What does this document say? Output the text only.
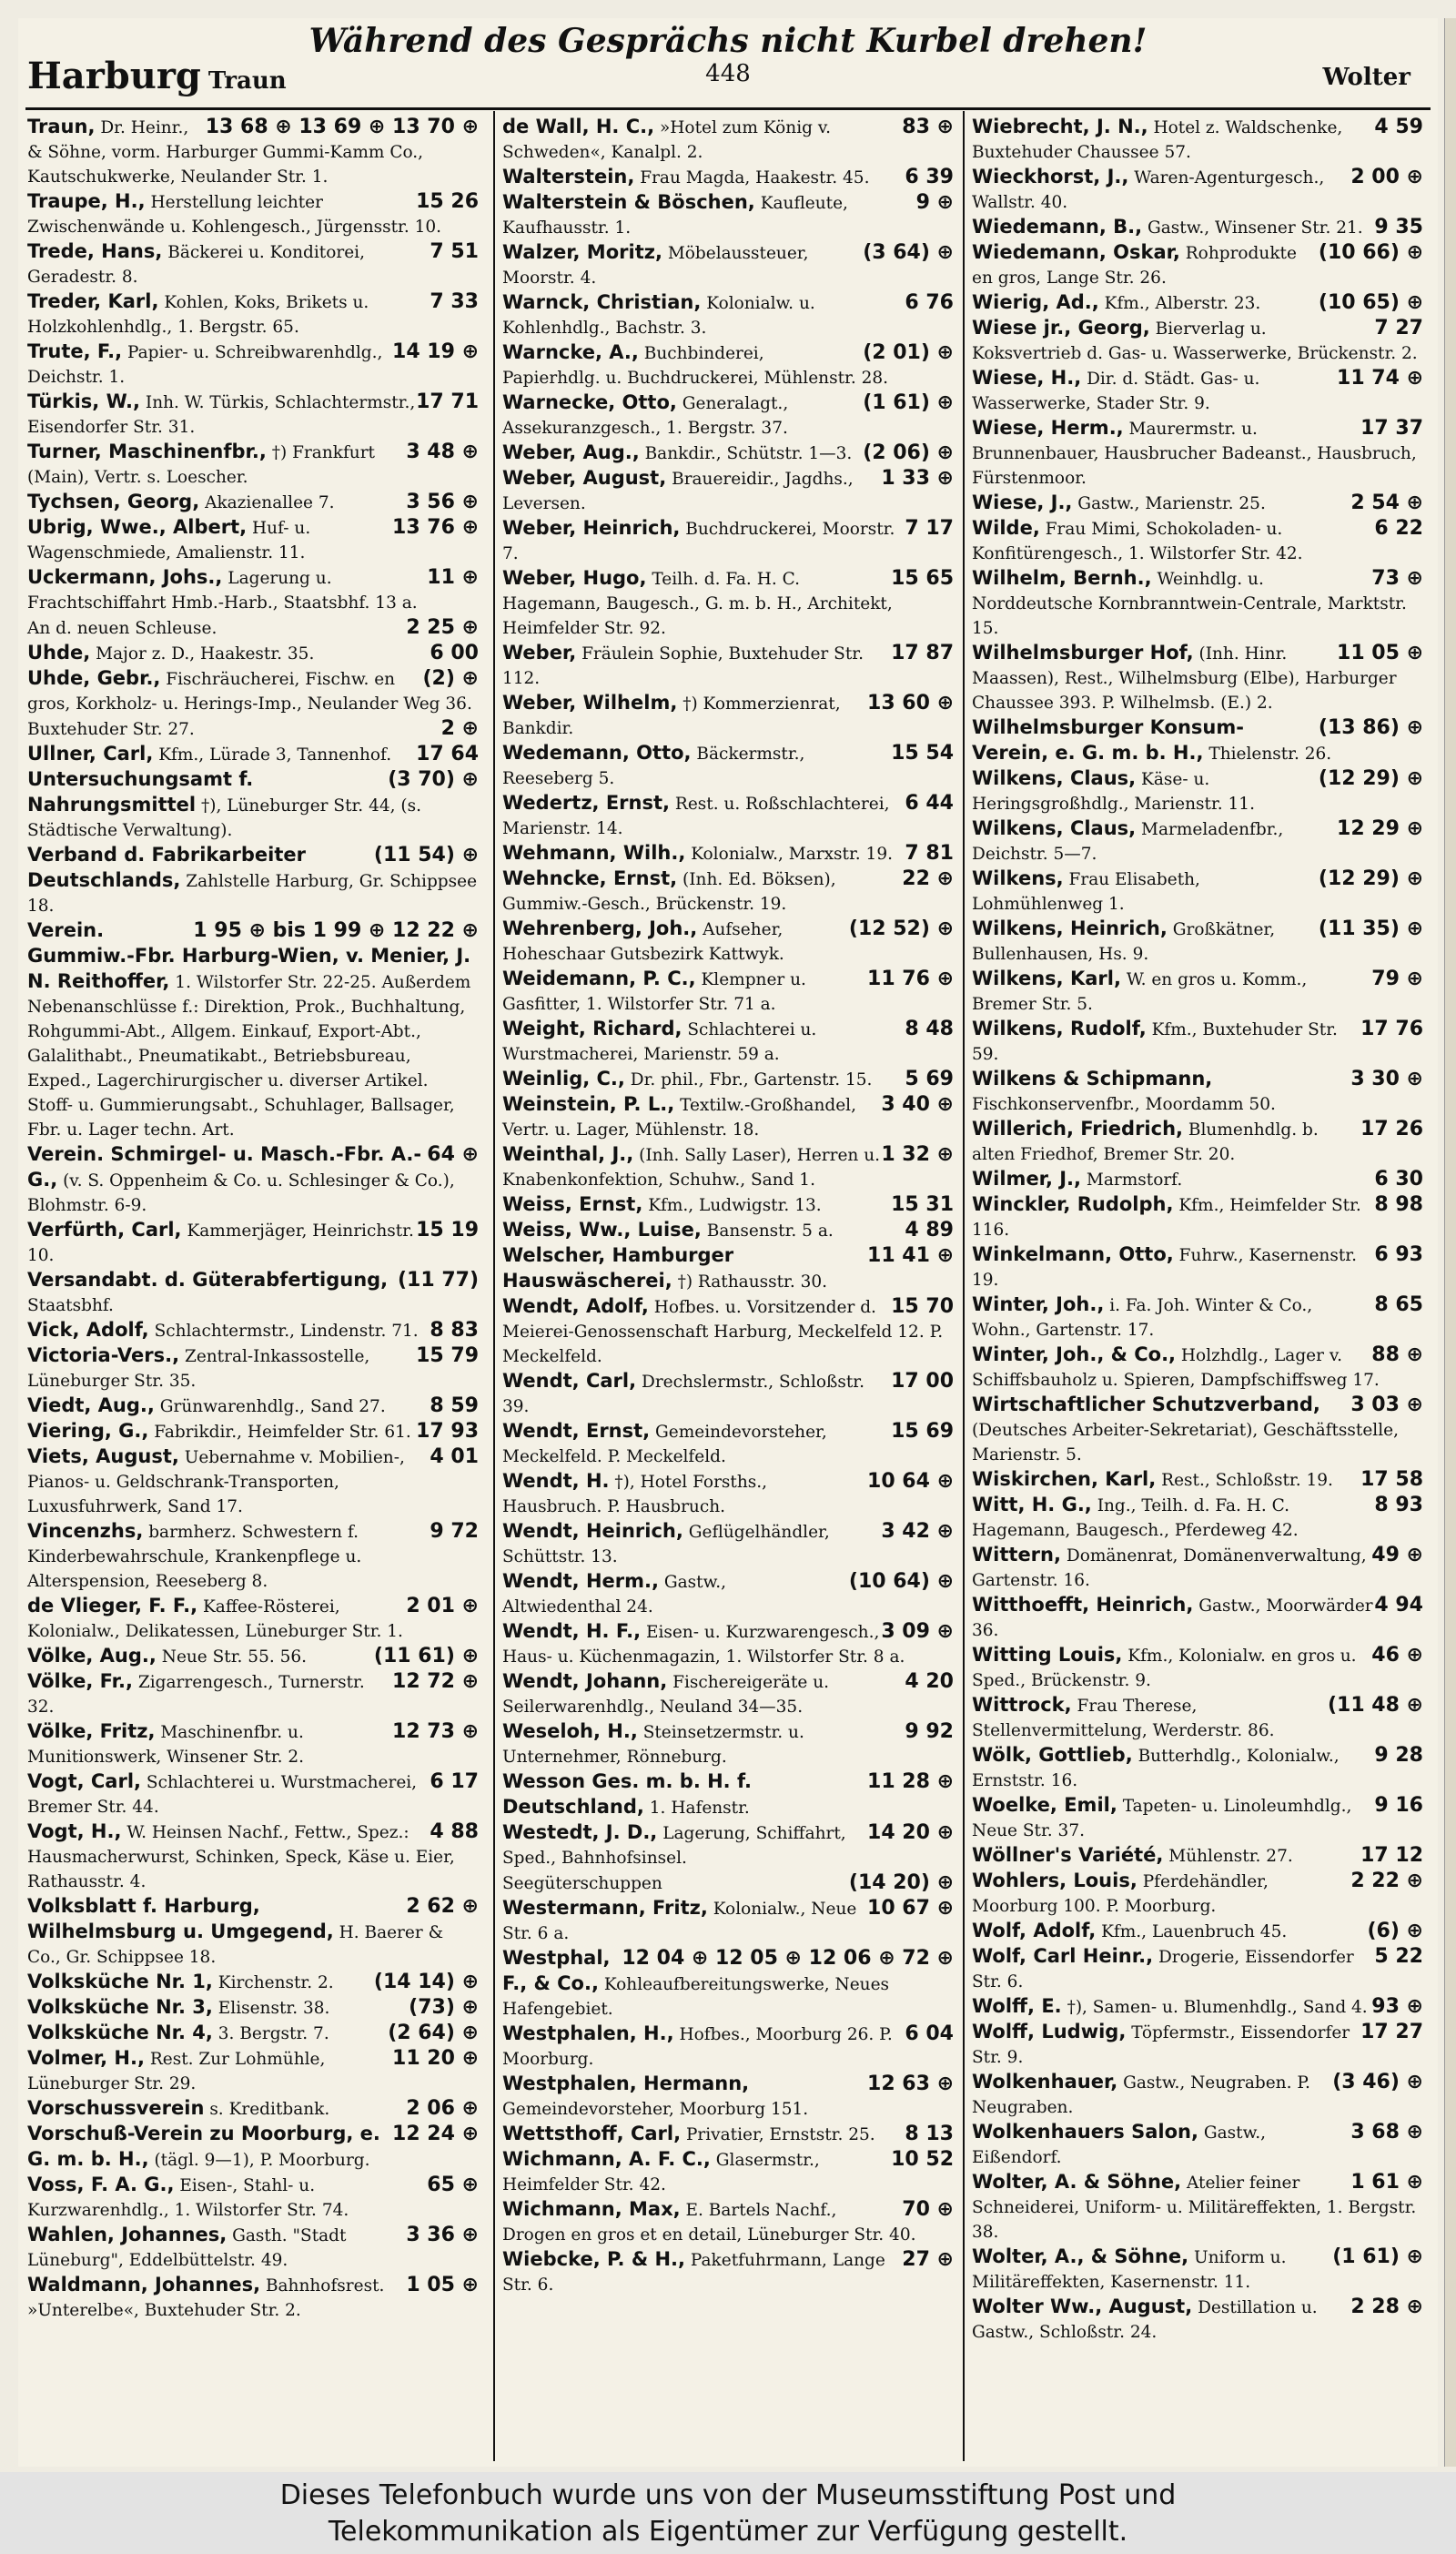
Während des Gesprächs nicht Kurbel drehen!
Harburg Traun	448	Wolter
13 68 ⊕ 13 69 ⊕ 13 70 ⊕
Traun, Dr. Heinr., & Söhne, vorm. Harburger Gummi-Kamm Co., Kautschukwerke, Neulander Str. 1.
15 26
Traupe, H., Herstellung leichter Zwischenwände u. Kohlengesch., Jürgensstr. 10.
7 51
Trede, Hans, Bäckerei u. Konditorei, Geradestr. 8.
7 33
Treder, Karl, Kohlen, Koks, Brikets u. Holzkohlenhdlg., 1. Bergstr. 65.
14 19 ⊕
Trute, F., Papier- u. Schreibwarenhdlg., Deichstr. 1.
17 71
Türkis, W., Inh. W. Türkis, Schlachtermstr., Eisendorfer Str. 31.
3 48 ⊕
Turner, Maschinenfbr., †) Frankfurt (Main), Vertr. s. Loescher.
3 56 ⊕
Tychsen, Georg, Akazienallee 7.
13 76 ⊕
Ubrig, Wwe., Albert, Huf- u. Wagenschmiede, Amalienstr. 11.
11 ⊕
Uckermann, Johs., Lagerung u. Frachtschiffahrt Hmb.-Harb., Staatsbhf. 13 a.
2 25 ⊕
An d. neuen Schleuse.
6 00
Uhde, Major z. D., Haakestr. 35.
(2) ⊕
Uhde, Gebr., Fischräucherei, Fischw. en gros, Korkholz- u. Herings-Imp., Neulander Weg 36.
2 ⊕
Buxtehuder Str. 27.
17 64
Ullner, Carl, Kfm., Lürade 3, Tannenhof.
(3 70) ⊕
Untersuchungsamt f. Nahrungsmittel †), Lüneburger Str. 44, (s. Städtische Verwaltung).
(11 54) ⊕
Verband d. Fabrikarbeiter Deutschlands, Zahlstelle Harburg, Gr. Schippsee 18.
1 95 ⊕ bis 1 99 ⊕ 12 22 ⊕
Verein. Gummiw.-Fbr. Harburg-Wien, v. Menier, J. N. Reithoffer, 1. Wilstorfer Str. 22-25. Außerdem Nebenanschlüsse f.: Direktion, Prok., Buchhaltung, Rohgummi-Abt., Allgem. Einkauf, Export-Abt., Galalithabt., Pneumatikabt., Betriebsbureau, Exped., Lagerchirurgischer u. diverser Artikel. Stoff- u. Gummierungsabt., Schuhlager, Ballsager, Fbr. u. Lager techn. Art.
64 ⊕
Verein. Schmirgel- u. Masch.-Fbr. A.-G., (v. S. Oppenheim & Co. u. Schlesinger & Co.), Blohmstr. 6-9.
15 19
Verfürth, Carl, Kammerjäger, Heinrichstr. 10.
(11 77)
Versandabt. d. Güterabfertigung, Staatsbhf.
8 83
Vick, Adolf, Schlachtermstr., Lindenstr. 71.
15 79
Victoria-Vers., Zentral-Inkassostelle, Lüneburger Str. 35.
8 59
Viedt, Aug., Grünwarenhdlg., Sand 27.
17 93
Viering, G., Fabrikdir., Heimfelder Str. 61.
4 01
Viets, August, Uebernahme v. Mobilien-, Pianos- u. Geldschrank-Transporten, Luxusfuhrwerk, Sand 17.
9 72
Vincenzhs, barmherz. Schwestern f. Kinderbewahrschule, Krankenpflege u. Alterspension, Reeseberg 8.
2 01 ⊕
de Vlieger, F. F., Kaffee-Rösterei, Kolonialw., Delikatessen, Lüneburger Str. 1.
(11 61) ⊕
Völke, Aug., Neue Str. 55. 56.
12 72 ⊕
Völke, Fr., Zigarrengesch., Turnerstr. 32.
12 73 ⊕
Völke, Fritz, Maschinenfbr. u. Munitionswerk, Winsener Str. 2.
6 17
Vogt, Carl, Schlachterei u. Wurstmacherei, Bremer Str. 44.
4 88
Vogt, H., W. Heinsen Nachf., Fettw., Spez.: Hausmacherwurst, Schinken, Speck, Käse u. Eier, Rathausstr. 4.
2 62 ⊕
Volksblatt f. Harburg, Wilhelmsburg u. Umgegend, H. Baerer & Co., Gr. Schippsee 18.
(14 14) ⊕
Volksküche Nr. 1, Kirchenstr. 2.
(73) ⊕
Volksküche Nr. 3, Elisenstr. 38.
(2 64) ⊕
Volksküche Nr. 4, 3. Bergstr. 7.
11 20 ⊕
Volmer, H., Rest. Zur Lohmühle, Lüneburger Str. 29.
2 06 ⊕
Vorschussverein s. Kreditbank.
12 24 ⊕
Vorschuß-Verein zu Moorburg, e. G. m. b. H., (tägl. 9—1), P. Moorburg.
65 ⊕
Voss, F. A. G., Eisen-, Stahl- u. Kurzwarenhdlg., 1. Wilstorfer Str. 74.
3 36 ⊕
Wahlen, Johannes, Gasth. "Stadt Lüneburg", Eddelbüttelstr. 49.
1 05 ⊕
Waldmann, Johannes, Bahnhofsrest. »Unterelbe«, Buxtehuder Str. 2.
83 ⊕
de Wall, H. C., »Hotel zum König v. Schweden«, Kanalpl. 2.
6 39
Walterstein, Frau Magda, Haakestr. 45.
9 ⊕
Walterstein & Böschen, Kaufleute, Kaufhausstr. 1.
(3 64) ⊕
Walzer, Moritz, Möbelaussteuer, Moorstr. 4.
6 76
Warnck, Christian, Kolonialw. u. Kohlenhdlg., Bachstr. 3.
(2 01) ⊕
Warncke, A., Buchbinderei, Papierhdlg. u. Buchdruckerei, Mühlenstr. 28.
(1 61) ⊕
Warnecke, Otto, Generalagt., Assekuranzgesch., 1. Bergstr. 37.
(2 06) ⊕
Weber, Aug., Bankdir., Schütstr. 1—3.
1 33 ⊕
Weber, August, Brauereidir., Jagdhs., Leversen.
7 17
Weber, Heinrich, Buchdruckerei, Moorstr. 7.
15 65
Weber, Hugo, Teilh. d. Fa. H. C. Hagemann, Baugesch., G. m. b. H., Architekt, Heimfelder Str. 92.
17 87
Weber, Fräulein Sophie, Buxtehuder Str. 112.
13 60 ⊕
Weber, Wilhelm, †) Kommerzienrat, Bankdir.
15 54
Wedemann, Otto, Bäckermstr., Reeseberg 5.
6 44
Wedertz, Ernst, Rest. u. Roßschlachterei, Marienstr. 14.
7 81
Wehmann, Wilh., Kolonialw., Marxstr. 19.
22 ⊕
Wehncke, Ernst, (Inh. Ed. Böksen), Gummiw.-Gesch., Brückenstr. 19.
(12 52) ⊕
Wehrenberg, Joh., Aufseher, Hoheschaar Gutsbezirk Kattwyk.
11 76 ⊕
Weidemann, P. C., Klempner u. Gasfitter, 1. Wilstorfer Str. 71 a.
8 48
Weight, Richard, Schlachterei u. Wurstmacherei, Marienstr. 59 a.
5 69
Weinlig, C., Dr. phil., Fbr., Gartenstr. 15.
3 40 ⊕
Weinstein, P. L., Textilw.-Großhandel, Vertr. u. Lager, Mühlenstr. 18.
1 32 ⊕
Weinthal, J., (Inh. Sally Laser), Herren u. Knabenkonfektion, Schuhw., Sand 1.
15 31
Weiss, Ernst, Kfm., Ludwigstr. 13.
4 89
Weiss, Ww., Luise, Bansenstr. 5 a.
11 41 ⊕
Welscher, Hamburger Hauswäscherei, †) Rathausstr. 30.
15 70
Wendt, Adolf, Hofbes. u. Vorsitzender d. Meierei-Genossenschaft Harburg, Meckelfeld 12. P. Meckelfeld.
17 00
Wendt, Carl, Drechslermstr., Schloßstr. 39.
15 69
Wendt, Ernst, Gemeindevorsteher, Meckelfeld. P. Meckelfeld.
10 64 ⊕
Wendt, H. †), Hotel Forsths., Hausbruch. P. Hausbruch.
3 42 ⊕
Wendt, Heinrich, Geflügelhändler, Schüttstr. 13.
(10 64) ⊕
Wendt, Herm., Gastw., Altwiedenthal 24.
3 09 ⊕
Wendt, H. F., Eisen- u. Kurzwarengesch., Haus- u. Küchenmagazin, 1. Wilstorfer Str. 8 a.
4 20
Wendt, Johann, Fischereigeräte u. Seilerwarenhdlg., Neuland 34—35.
9 92
Weseloh, H., Steinsetzermstr. u. Unternehmer, Rönneburg.
11 28 ⊕
Wesson Ges. m. b. H. f. Deutschland, 1. Hafenstr.
14 20 ⊕
Westedt, J. D., Lagerung, Schiffahrt, Sped., Bahnhofsinsel.
(14 20) ⊕
Seegüterschuppen
10 67 ⊕
Westermann, Fritz, Kolonialw., Neue Str. 6 a.
12 04 ⊕ 12 05 ⊕ 12 06 ⊕ 72 ⊕
Westphal, F., & Co., Kohleaufbereitungswerke, Neues Hafengebiet.
6 04
Westphalen, H., Hofbes., Moorburg 26. P. Moorburg.
12 63 ⊕
Westphalen, Hermann, Gemeindevorsteher, Moorburg 151.
8 13
Wettsthoff, Carl, Privatier, Ernststr. 25.
10 52
Wichmann, A. F. C., Glasermstr., Heimfelder Str. 42.
70 ⊕
Wichmann, Max, E. Bartels Nachf., Drogen en gros et en detail, Lüneburger Str. 40.
27 ⊕
Wiebcke, P. & H., Paketfuhrmann, Lange Str. 6.
4 59
Wiebrecht, J. N., Hotel z. Waldschenke, Buxtehuder Chaussee 57.
2 00 ⊕
Wieckhorst, J., Waren-Agenturgesch., Wallstr. 40.
9 35
Wiedemann, B., Gastw., Winsener Str. 21.
(10 66) ⊕
Wiedemann, Oskar, Rohprodukte en gros, Lange Str. 26.
(10 65) ⊕
Wierig, Ad., Kfm., Alberstr. 23.
7 27
Wiese jr., Georg, Bierverlag u. Koksvertrieb d. Gas- u. Wasserwerke, Brückenstr. 2.
11 74 ⊕
Wiese, H., Dir. d. Städt. Gas- u. Wasserwerke, Stader Str. 9.
17 37
Wiese, Herm., Maurermstr. u. Brunnenbauer, Hausbrucher Badeanst., Hausbruch, Fürstenmoor.
2 54 ⊕
Wiese, J., Gastw., Marienstr. 25.
6 22
Wilde, Frau Mimi, Schokoladen- u. Konfitürengesch., 1. Wilstorfer Str. 42.
73 ⊕
Wilhelm, Bernh., Weinhdlg. u. Norddeutsche Kornbranntwein-Centrale, Marktstr. 15.
11 05 ⊕
Wilhelmsburger Hof, (Inh. Hinr. Maassen), Rest., Wilhelmsburg (Elbe), Harburger Chaussee 393. P. Wilhelmsb. (E.) 2.
(13 86) ⊕
Wilhelmsburger Konsum-Verein, e. G. m. b. H., Thielenstr. 26.
(12 29) ⊕
Wilkens, Claus, Käse- u. Heringsgroßhdlg., Marienstr. 11.
12 29 ⊕
Wilkens, Claus, Marmeladenfbr., Deichstr. 5—7.
(12 29) ⊕
Wilkens, Frau Elisabeth, Lohmühlenweg 1.
(11 35) ⊕
Wilkens, Heinrich, Großkätner, Bullenhausen, Hs. 9.
79 ⊕
Wilkens, Karl, W. en gros u. Komm., Bremer Str. 5.
17 76
Wilkens, Rudolf, Kfm., Buxtehuder Str. 59.
3 30 ⊕
Wilkens & Schipmann, Fischkonservenfbr., Moordamm 50.
17 26
Willerich, Friedrich, Blumenhdlg. b. alten Friedhof, Bremer Str. 20.
6 30
Wilmer, J., Marmstorf.
8 98
Winckler, Rudolph, Kfm., Heimfelder Str. 116.
6 93
Winkelmann, Otto, Fuhrw., Kasernenstr. 19.
8 65
Winter, Joh., i. Fa. Joh. Winter & Co., Wohn., Gartenstr. 17.
88 ⊕
Winter, Joh., & Co., Holzhdlg., Lager v. Schiffsbauholz u. Spieren, Dampfschiffsweg 17.
3 03 ⊕
Wirtschaftlicher Schutzverband, (Deutsches Arbeiter-Sekretariat), Geschäftsstelle, Marienstr. 5.
17 58
Wiskirchen, Karl, Rest., Schloßstr. 19.
8 93
Witt, H. G., Ing., Teilh. d. Fa. H. C. Hagemann, Baugesch., Pferdeweg 42.
49 ⊕
Wittern, Domänenrat, Domänenverwaltung, Gartenstr. 16.
4 94
Witthoefft, Heinrich, Gastw., Moorwärder 36.
46 ⊕
Witting Louis, Kfm., Kolonialw. en gros u. Sped., Brückenstr. 9.
(11 48 ⊕
Wittrock, Frau Therese, Stellenvermittelung, Werderstr. 86.
9 28
Wölk, Gottlieb, Butterhdlg., Kolonialw., Ernststr. 16.
9 16
Woelke, Emil, Tapeten- u. Linoleumhdlg., Neue Str. 37.
17 12
Wöllner's Variété, Mühlenstr. 27.
2 22 ⊕
Wohlers, Louis, Pferdehändler, Moorburg 100. P. Moorburg.
(6) ⊕
Wolf, Adolf, Kfm., Lauenbruch 45.
5 22
Wolf, Carl Heinr., Drogerie, Eissendorfer Str. 6.
93 ⊕
Wolff, E. †), Samen- u. Blumenhdlg., Sand 4.
17 27
Wolff, Ludwig, Töpfermstr., Eissendorfer Str. 9.
(3 46) ⊕
Wolkenhauer, Gastw., Neugraben. P. Neugraben.
3 68 ⊕
Wolkenhauers Salon, Gastw., Eißendorf.
1 61 ⊕
Wolter, A. & Söhne, Atelier feiner Schneiderei, Uniform- u. Militäreffekten, 1. Bergstr. 38.
(1 61) ⊕
Wolter, A., & Söhne, Uniform u. Militäreffekten, Kasernenstr. 11.
2 28 ⊕
Wolter Ww., August, Destillation u. Gastw., Schloßstr. 24.
Dieses Telefonbuch wurde uns von der Museumsstiftung Post und
Telekommunikation als Eigentümer zur Verfügung gestellt.
